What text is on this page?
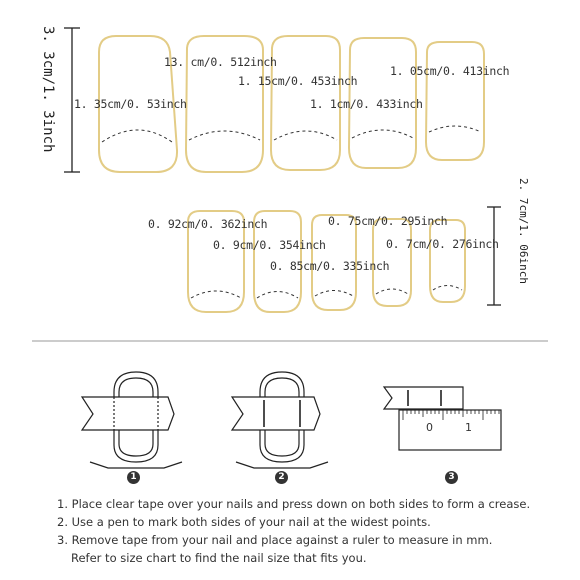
3. 3cm/1. 3inch 1. 35cm/0. 53inch
13. cm/0. 512inch
1. 15cm/0. 453inch
1. 1cm/0. 433inch
1. 05cm/0. 413inch
0. 92cm/0. 362inch
0. 9cm/0. 354inch
0. 85cm/0. 335inch
0. 75cm/0. 295inch
0. 7cm/0. 276inch 2. 7cm/1. 06inch
0	1
1	2	3
1. Place clear tape over your nails and press down on both sides to form a crease.
2. Use a pen to mark both sides of your nail at the widest points.
3. Remove tape from your nail and place against a ruler to measure in mm.
Refer to size chart to find the nail size that fits you.
